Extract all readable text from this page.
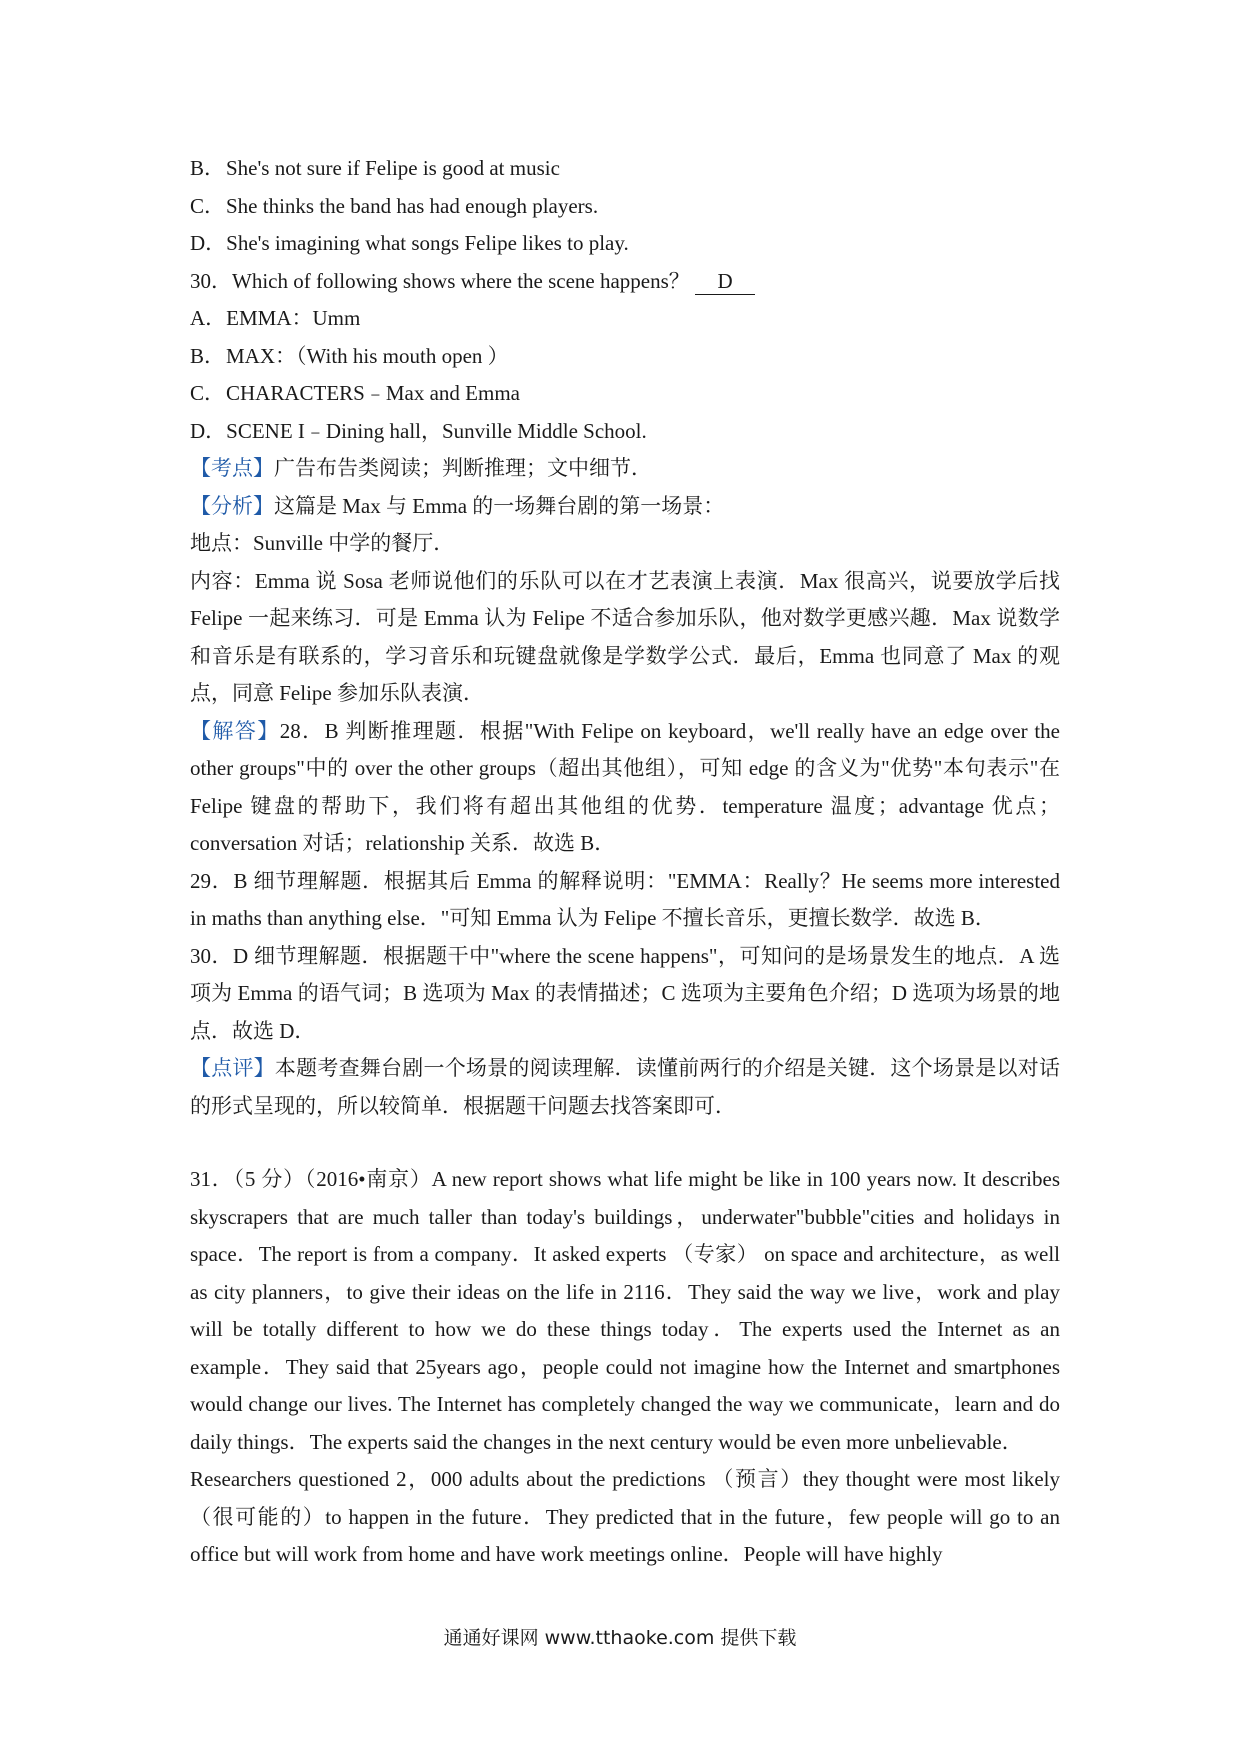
B． She's not sure if Felipe is good at music
C． She thinks the band has had enough players.
D． She's imagining what songs Felipe likes to play.
30．Which of following shows where the scene happens？ D
A． EMMA：Umm
B． MAX：（With his mouth open ）
C． CHARACTERS﹣Max and Emma
D． SCENE I﹣Dining hall，Sunville Middle School.
【考点】广告布告类阅读；判断推理；文中细节．
【分析】这篇是 Max 与 Emma 的一场舞台剧的第一场景：
地点：Sunville 中学的餐厅．
内容：Emma 说 Sosa 老师说他们的乐队可以在才艺表演上表演．Max 很高兴，说要放学后找 Felipe 一起来练习．可是 Emma 认为 Felipe 不适合参加乐队，他对数学更感兴趣．Max 说数学和音乐是有联系的，学习音乐和玩键盘就像是学数学公式．最后，Emma 也同意了 Max 的观点，同意 Felipe 参加乐队表演．
【解答】28．B 判断推理题．根据"With Felipe on keyboard，we'll really have an edge over the other groups"中的 over the other groups（超出其他组），可知 edge 的含义为"优势"本句表示"在 Felipe 键盘的帮助下，我们将有超出其他组的优势．temperature 温度；advantage 优点；conversation 对话；relationship 关系．故选 B．
29．B 细节理解题．根据其后 Emma 的解释说明："EMMA：Really？He seems more interested in maths than anything else．"可知 Emma 认为 Felipe 不擅长音乐，更擅长数学．故选 B．
30．D 细节理解题．根据题干中"where the scene happens"，可知问的是场景发生的地点．A 选项为 Emma 的语气词；B 选项为 Max 的表情描述；C 选项为主要角色介绍；D 选项为场景的地点．故选 D．
【点评】本题考查舞台剧一个场景的阅读理解．读懂前两行的介绍是关键．这个场景是以对话的形式呈现的，所以较简单．根据题干问题去找答案即可．
31．（5 分）（2016•南京）A new report shows what life might be like in 100 years now. It describes skyscrapers that are much taller than today's buildings，underwater"bubble"cities and holidays in space．The report is from a company．It asked experts （专家） on space and architecture，as well as city planners，to give their ideas on the life in 2116．They said the way we live，work and play will be totally different to how we do these things today．The experts used the Internet as an example．They said that 25years ago，people could not imagine how the Internet and smartphones would change our lives. The Internet has completely changed the way we communicate，learn and do daily things．The experts said the changes in the next century would be even more unbelievable．
Researchers questioned 2，000 adults about the predictions （预言）they thought were most likely （很可能的）to happen in the future．They predicted that in the future，few people will go to an office but will work from home and have work meetings online．People will have highly
通通好课网 www.tthaoke.com 提供下载
